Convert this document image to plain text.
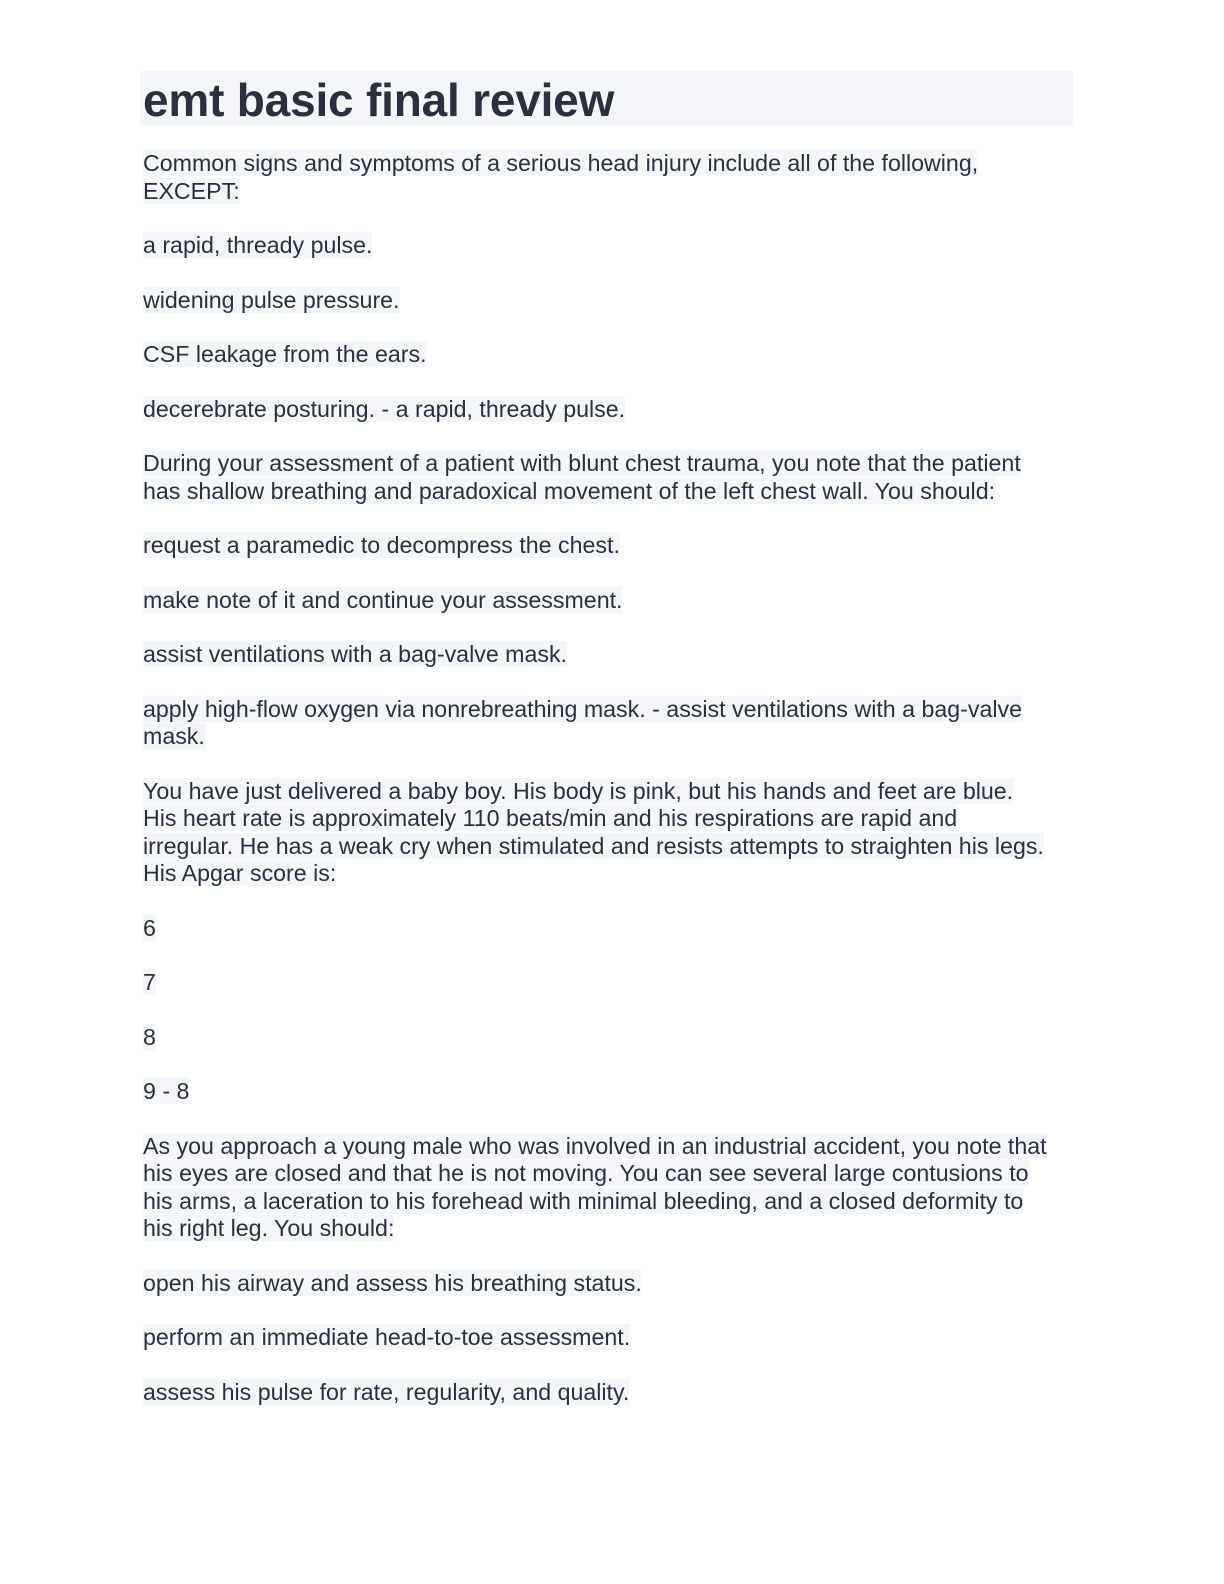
emt basic final review

Common signs and symptoms of a serious head injury include all of the following,
EXCEPT:

a rapid, thready pulse.

widening pulse pressure.

CSF leakage from the ears.

decerebrate posturing. - a rapid, thready pulse.

During your assessment of a patient with blunt chest trauma, you note that the patient
has shallow breathing and paradoxical movement of the left chest wall. You should:

request a paramedic to decompress the chest.

make note of it and continue your assessment.

assist ventilations with a bag-valve mask.

apply high-flow oxygen via nonrebreathing mask. - assist ventilations with a bag-valve
mask.

You have just delivered a baby boy. His body is pink, but his hands and feet are blue.
His heart rate is approximately 110 beats/min and his respirations are rapid and
irregular. He has a weak cry when stimulated and resists attempts to straighten his legs.
His Apgar score is:

6

7

8

9 - 8

As you approach a young male who was involved in an industrial accident, you note that
his eyes are closed and that he is not moving. You can see several large contusions to
his arms, a laceration to his forehead with minimal bleeding, and a closed deformity to
his right leg. You should:

open his airway and assess his breathing status.

perform an immediate head-to-toe assessment.

assess his pulse for rate, regularity, and quality.
